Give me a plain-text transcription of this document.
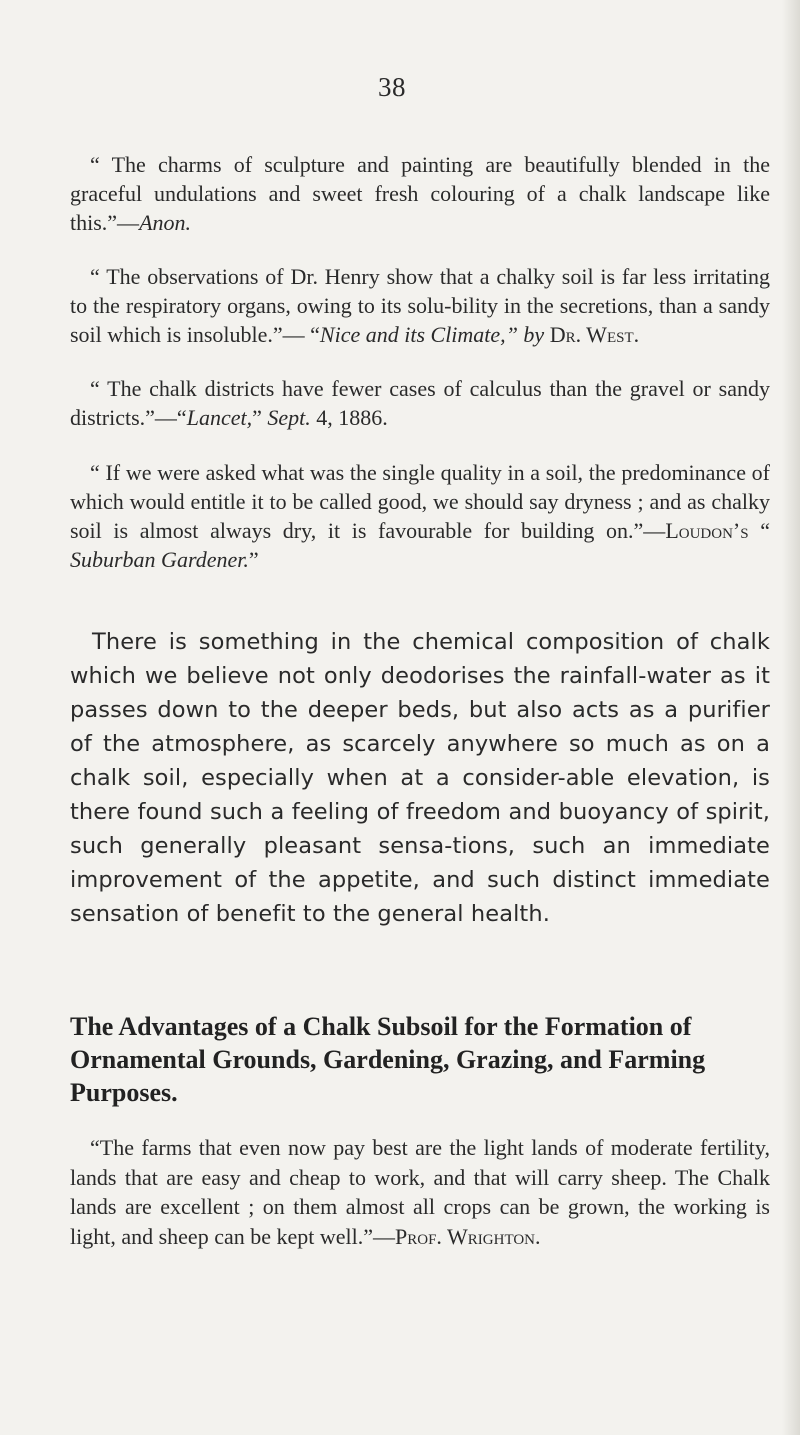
38

“ The charms of sculpture and painting are beautifully blended in the graceful undulations and sweet fresh colouring of a chalk landscape like this.”—Anon.

“ The observations of Dr. Henry show that a chalky soil is far less irritating to the respiratory organs, owing to its solu-bility in the secretions, than a sandy soil which is insoluble.”— “Nice and its Climate,” by Dr. West.

“ The chalk districts have fewer cases of calculus than the gravel or sandy districts.”—“Lancet,” Sept. 4, 1886.

“ If we were asked what was the single quality in a soil, the predominance of which would entitle it to be called good, we should say dryness ; and as chalky soil is almost always dry, it is favourable for building on.”—Loudon’s “ Suburban Gardener.”

There is something in the chemical composition of chalk which we believe not only deodorises the rainfall-water as it passes down to the deeper beds, but also acts as a purifier of the atmosphere, as scarcely anywhere so much as on a chalk soil, especially when at a consider-able elevation, is there found such a feeling of freedom and buoyancy of spirit, such generally pleasant sensa-tions, such an immediate improvement of the appetite, and such distinct immediate sensation of benefit to the general health.

The Advantages of a Chalk Subsoil for the Formation of Ornamental Grounds, Gardening, Grazing, and Farming Purposes.

“The farms that even now pay best are the light lands of moderate fertility, lands that are easy and cheap to work, and that will carry sheep. The Chalk lands are excellent ; on them almost all crops can be grown, the working is light, and sheep can be kept well.”—Prof. Wrighton.
